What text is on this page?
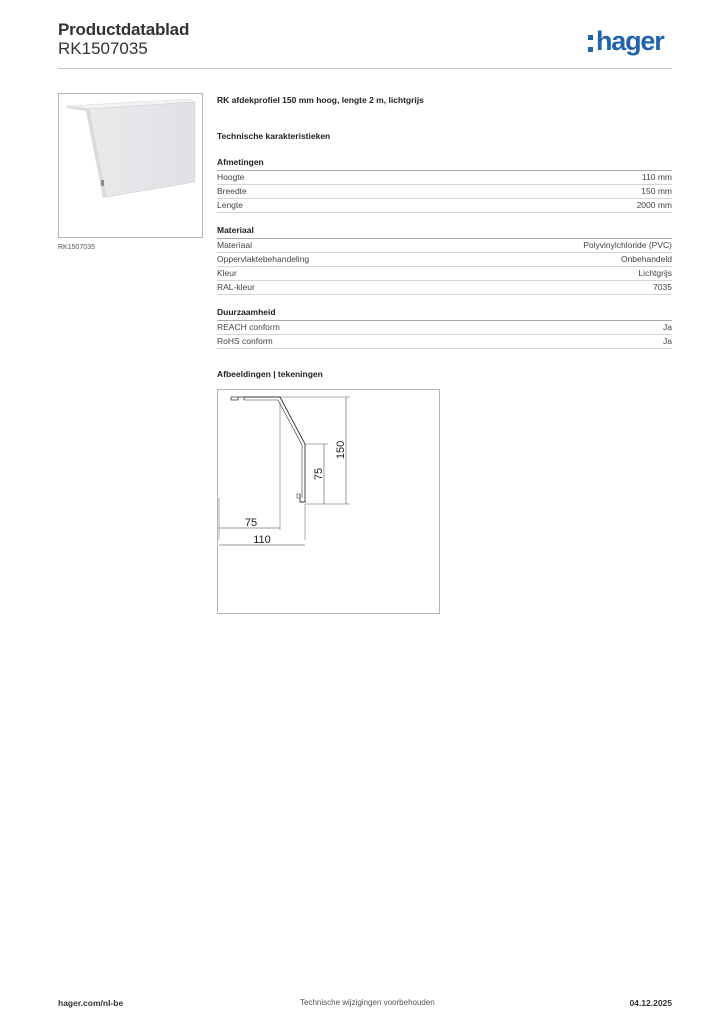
Productdatablad
RK1507035	hager
RK1507035
RK afdekprofiel 150 mm hoog, lengte 2 m, lichtgrijs
Technische karakteristieken
Afmetingen
Hoogte	110 mm
Breedte	150 mm
Lengte	2000 mm
Materiaal
Materiaal	Polyvinylchloride (PVC)
Oppervlaktebehandeling	Onbehandeld
Kleur	Lichtgrijs
RAL-kleur	7035
Duurzaamheid
REACH conform	Ja
RoHS conform	Ja
Afbeeldingen | tekeningen
150
75
75
110
hager.com/nl-be	Technische wijzigingen voorbehouden	04.12.2025
